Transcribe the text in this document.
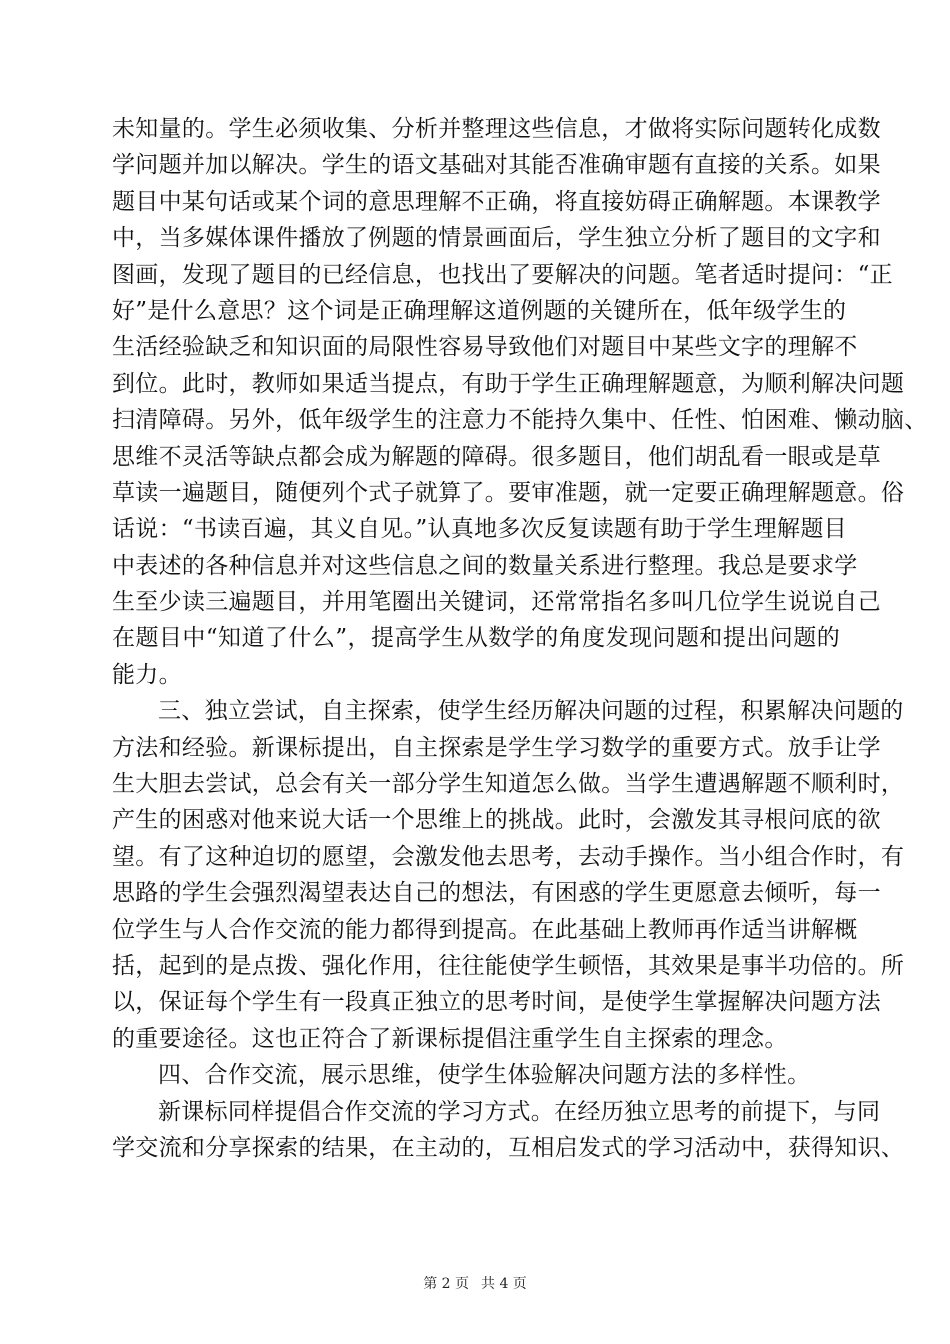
未知量的。学生必须收集、分析并整理这些信息，才做将实际问题转化成数
学问题并加以解决。学生的语文基础对其能否准确审题有直接的关系。如果
题目中某句话或某个词的意思理解不正确，将直接妨碍正确解题。本课教学
中，当多媒体课件播放了例题的情景画面后，学生独立分析了题目的文字和
图画，发现了题目的已经信息，也找出了要解决的问题。笔者适时提问：“正
好”是什么意思？这个词是正确理解这道例题的关键所在，低年级学生的
生活经验缺乏和知识面的局限性容易导致他们对题目中某些文字的理解不
到位。此时，教师如果适当提点，有助于学生正确理解题意，为顺利解决问题
扫清障碍。另外，低年级学生的注意力不能持久集中、任性、怕困难、懒动脑、
思维不灵活等缺点都会成为解题的障碍。很多题目，他们胡乱看一眼或是草
草读一遍题目，随便列个式子就算了。要审准题，就一定要正确理解题意。俗
话说：“书读百遍，其义自见。”认真地多次反复读题有助于学生理解题目
中表述的各种信息并对这些信息之间的数量关系进行整理。我总是要求学
生至少读三遍题目，并用笔圈出关键词，还常常指名多叫几位学生说说自己
在题目中“知道了什么”，提高学生从数学的角度发现问题和提出问题的
能力。
三、独立尝试，自主探索，使学生经历解决问题的过程，积累解决问题的
方法和经验。新课标提出，自主探索是学生学习数学的重要方式。放手让学
生大胆去尝试，总会有关一部分学生知道怎么做。当学生遭遇解题不顺利时，
产生的困惑对他来说大话一个思维上的挑战。此时，会激发其寻根问底的欲
望。有了这种迫切的愿望，会激发他去思考，去动手操作。当小组合作时，有
思路的学生会强烈渴望表达自己的想法，有困惑的学生更愿意去倾听，每一
位学生与人合作交流的能力都得到提高。在此基础上教师再作适当讲解概
括，起到的是点拨、强化作用，往往能使学生顿悟，其效果是事半功倍的。所
以，保证每个学生有一段真正独立的思考时间，是使学生掌握解决问题方法
的重要途径。这也正符合了新课标提倡注重学生自主探索的理念。
四、合作交流，展示思维，使学生体验解决问题方法的多样性。
新课标同样提倡合作交流的学习方式。在经历独立思考的前提下，与同
学交流和分享探索的结果，在主动的，互相启发式的学习活动中，获得知识、
第 2 页 共 4 页
